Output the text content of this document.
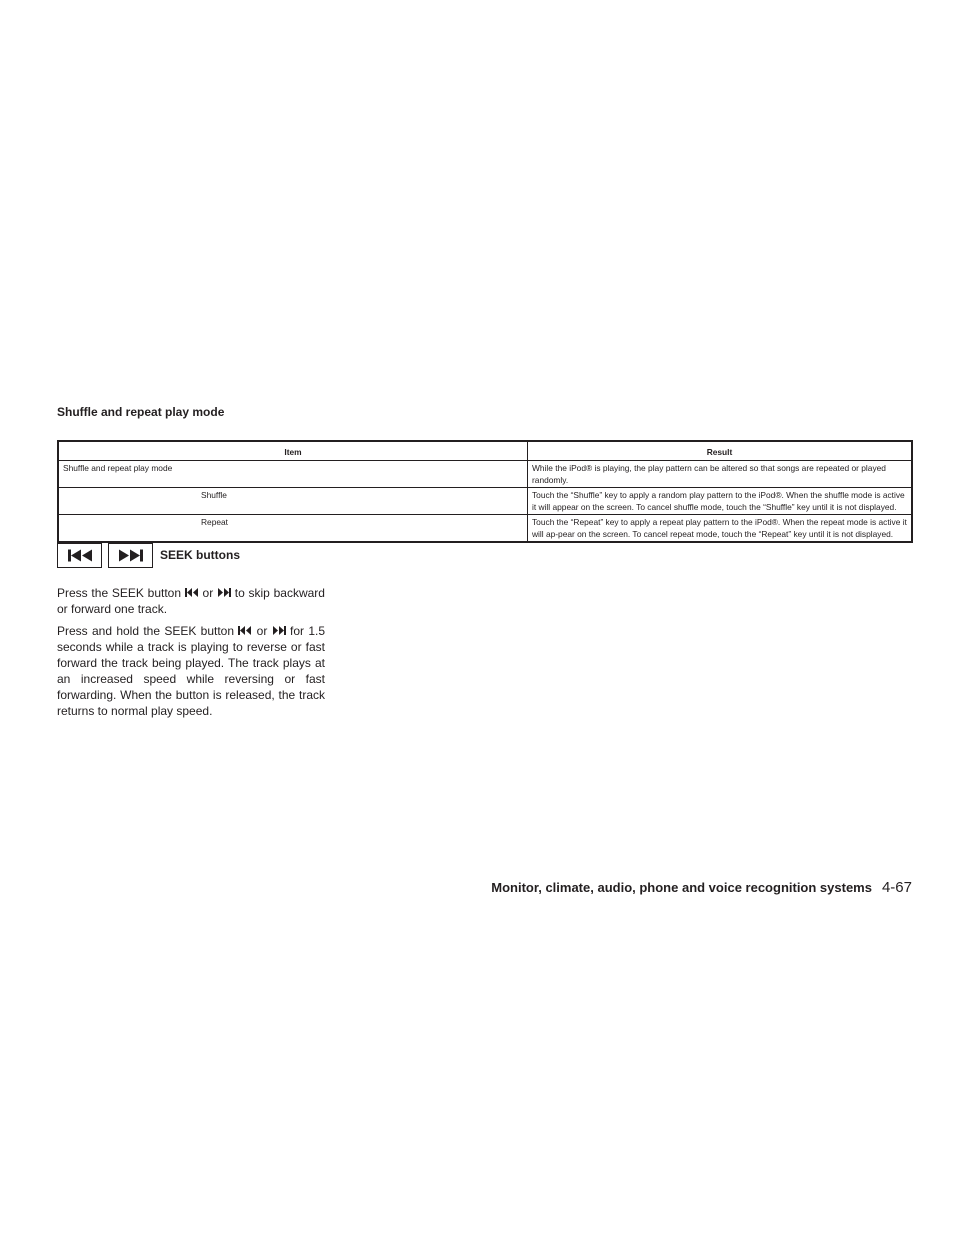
Shuffle and repeat play mode
Item	Result
Shuffle and repeat play mode	While the iPod® is playing, the play pattern can be altered so that songs are repeated or played randomly.
Shuffle	Touch the “Shuffle” key to apply a random play pattern to the iPod®. When the shuffle mode is active it will appear on the screen. To cancel shuffle mode, touch the “Shuffle” key until it is not displayed.
Repeat	Touch the “Repeat” key to apply a repeat play pattern to the iPod®. When the repeat mode is active it will ap-pear on the screen. To cancel repeat mode, touch the “Repeat” key until it is not displayed.
SEEK buttons

Press the SEEK button or to skip backward or forward one track.

Press and hold the SEEK button or for 1.5 seconds while a track is playing to reverse or fast forward the track being played. The track plays at an increased speed while reversing or fast forwarding. When the button is released, the track returns to normal play speed.

Monitor, climate, audio, phone and voice recognition systems 4-67
